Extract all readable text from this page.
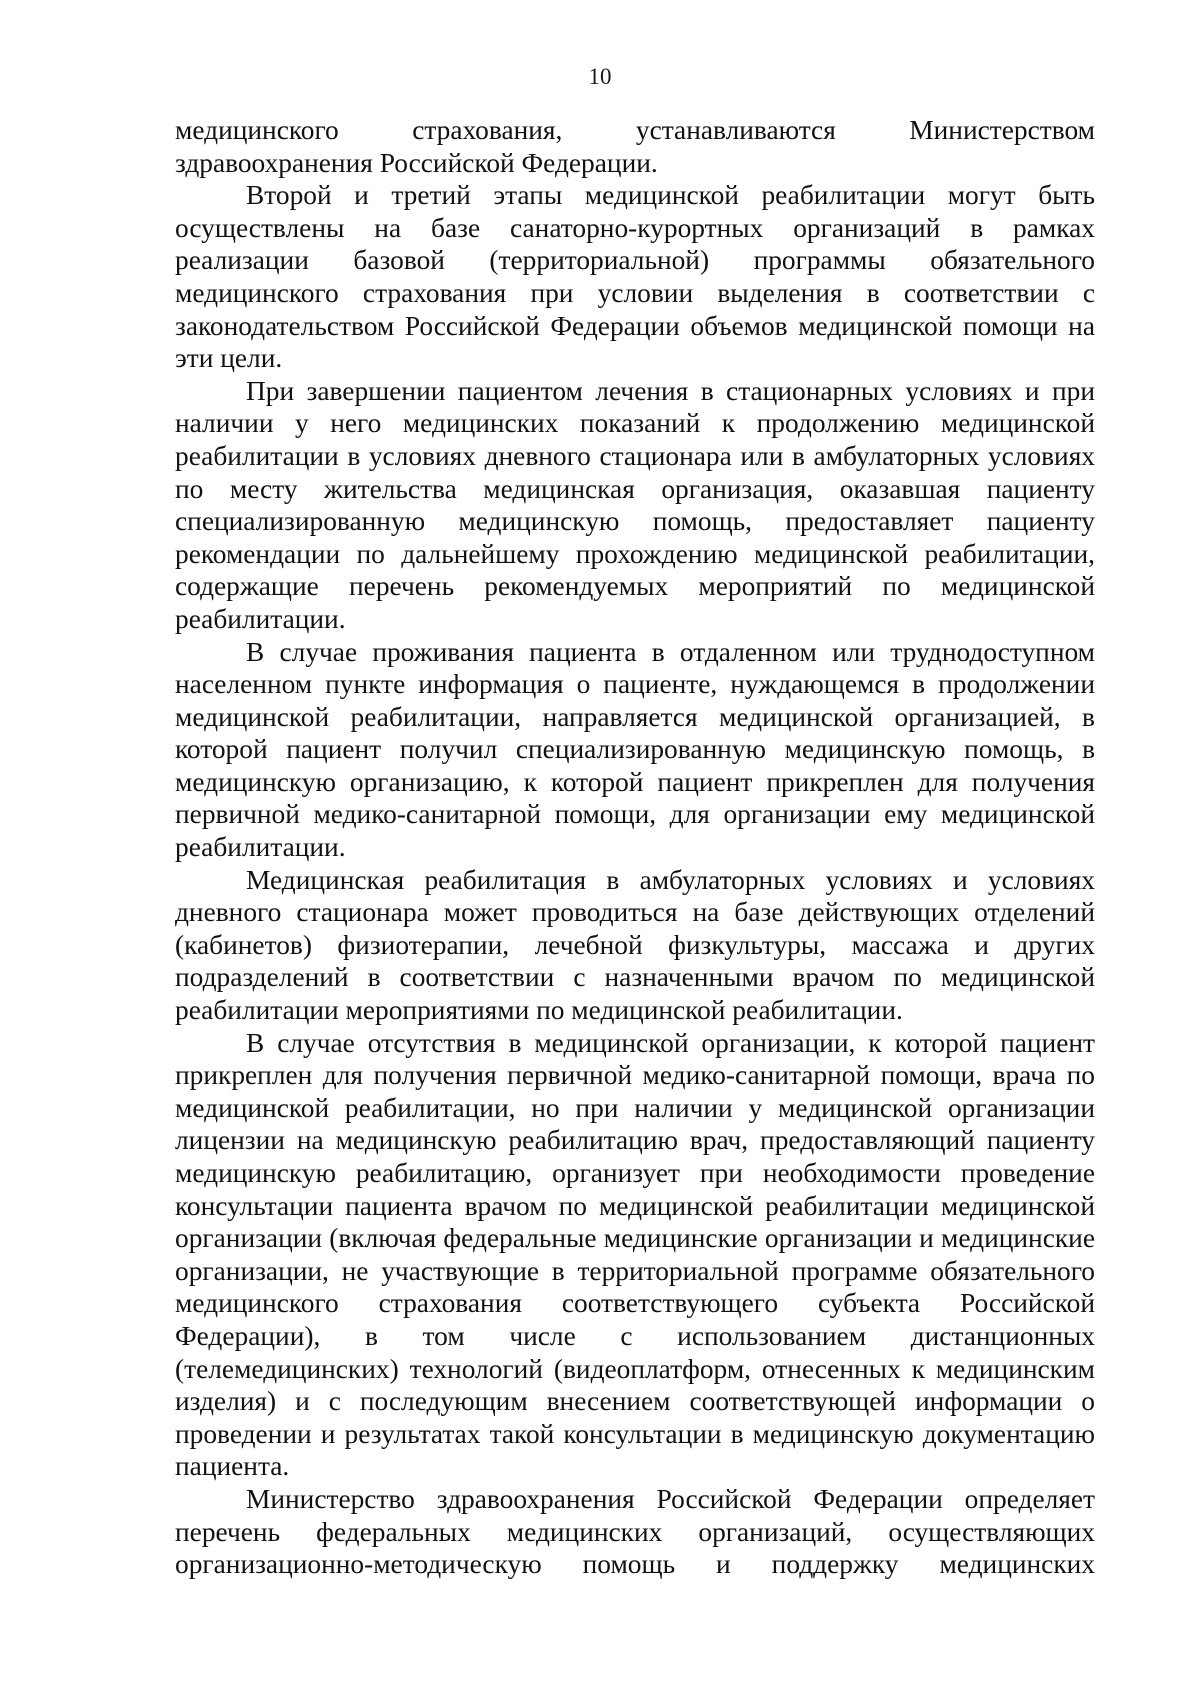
10

медицинского страхования, устанавливаются Министерством здравоохранения Российской Федерации.

Второй и третий этапы медицинской реабилитации могут быть осуществлены на базе санаторно-курортных организаций в рамках реализации базовой (территориальной) программы обязательного медицинского страхования при условии выделения в соответствии с законодательством Российской Федерации объемов медицинской помощи на эти цели.

При завершении пациентом лечения в стационарных условиях и при наличии у него медицинских показаний к продолжению медицинской реабилитации в условиях дневного стационара или в амбулаторных условиях по месту жительства медицинская организация, оказавшая пациенту специализированную медицинскую помощь, предоставляет пациенту рекомендации по дальнейшему прохождению медицинской реабилитации, содержащие перечень рекомендуемых мероприятий по медицинской реабилитации.

В случае проживания пациента в отдаленном или труднодоступном населенном пункте информация о пациенте, нуждающемся в продолжении медицинской реабилитации, направляется медицинской организацией, в которой пациент получил специализированную медицинскую помощь, в медицинскую организацию, к которой пациент прикреплен для получения первичной медико-санитарной помощи, для организации ему медицинской реабилитации.

Медицинская реабилитация в амбулаторных условиях и условиях дневного стационара может проводиться на базе действующих отделений (кабинетов) физиотерапии, лечебной физкультуры, массажа и других подразделений в соответствии с назначенными врачом по медицинской реабилитации мероприятиями по медицинской реабилитации.

В случае отсутствия в медицинской организации, к которой пациент прикреплен для получения первичной медико-санитарной помощи, врача по медицинской реабилитации, но при наличии у медицинской организации лицензии на медицинскую реабилитацию врач, предоставляющий пациенту медицинскую реабилитацию, организует при необходимости проведение консультации пациента врачом по медицинской реабилитации медицинской организации (включая федеральные медицинские организации и медицинские организации, не участвующие в территориальной программе обязательного медицинского страхования соответствующего субъекта Российской Федерации), в том числе с использованием дистанционных (телемедицинских) технологий (видеоплатформ, отнесенных к медицинским изделия) и с последующим внесением соответствующей информации о проведении и результатах такой консультации в медицинскую документацию пациента.

Министерство здравоохранения Российской Федерации определяет перечень федеральных медицинских организаций, осуществляющих организационно-методическую помощь и поддержку медицинских
